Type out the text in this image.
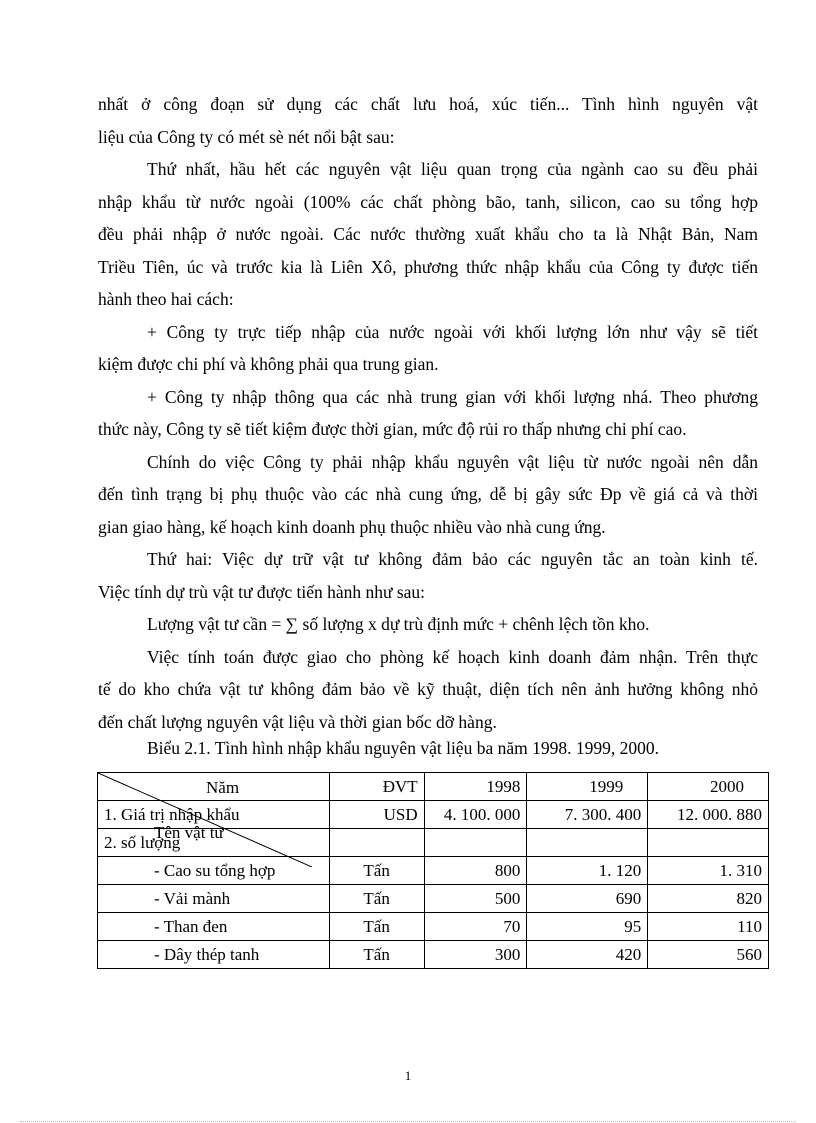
nhất ở công đoạn sử dụng các chất lưu hoá, xúc tiến... Tình hình nguyên vật
liệu của Công ty có mét sè nét nổi bật sau:
Thứ nhất, hầu hết các nguyên vật liệu quan trọng của ngành cao su đều phải
nhập khẩu từ nước ngoài (100% các chất phòng bão, tanh, silicon, cao su tổng hợp
đều phải nhập ở nước ngoài. Các nước thường xuất khẩu cho ta là Nhật Bản, Nam
Triều Tiên, úc và trước kia là Liên Xô, phương thức nhập khẩu của Công ty được tiến
hành theo hai cách:
+ Công ty trực tiếp nhập của nước ngoài với khối lượng lớn như vậy sẽ tiết
kiệm được chi phí và không phải qua trung gian.
+ Công ty nhập thông qua các nhà trung gian với khối lượng nhá. Theo phương
thức này, Công ty sẽ tiết kiệm được thời gian, mức độ rủi ro thấp nhưng chi phí cao.
Chính do việc Công ty phải nhập khẩu nguyên vật liệu từ nước ngoài nên dẫn
đến tình trạng bị phụ thuộc vào các nhà cung ứng, dễ bị gây sức Ðp về giá cả và thời
gian giao hàng, kế hoạch kinh doanh phụ thuộc nhiều vào nhà cung ứng.
Thứ hai: Việc dự trữ vật tư không đảm bảo các nguyên tắc an toàn kinh tế.
Việc tính dự trù vật tư được tiến hành như sau:
Lượng vật tư cần = ∑ số lượng x dự trù định mức + chênh lệch tồn kho.
Việc tính toán được giao cho phòng kế hoạch kinh doanh đảm nhận. Trên thực
tế do kho chứa vật tư không đảm bảo về kỹ thuật, diện tích nên ảnh hưởng không nhỏ
đến chất lượng nguyên vật liệu và thời gian bốc dỡ hàng.
Biểu 2.1. Tình hình nhập khẩu nguyên vật liệu ba năm 1998. 1999, 2000.
Năm
Tên vật tư	ĐVT	1998	1999	2000
1. Giá trị nhập khẩu	USD	4. 100. 000	7. 300. 400	12. 000. 880
2. số lượng				
- Cao su tổng hợp	Tấn	800	1. 120	1. 310
- Vải mành	Tấn	500	690	820
- Than đen	Tấn	70	95	110
- Dây thép tanh	Tấn	300	420	560
1
